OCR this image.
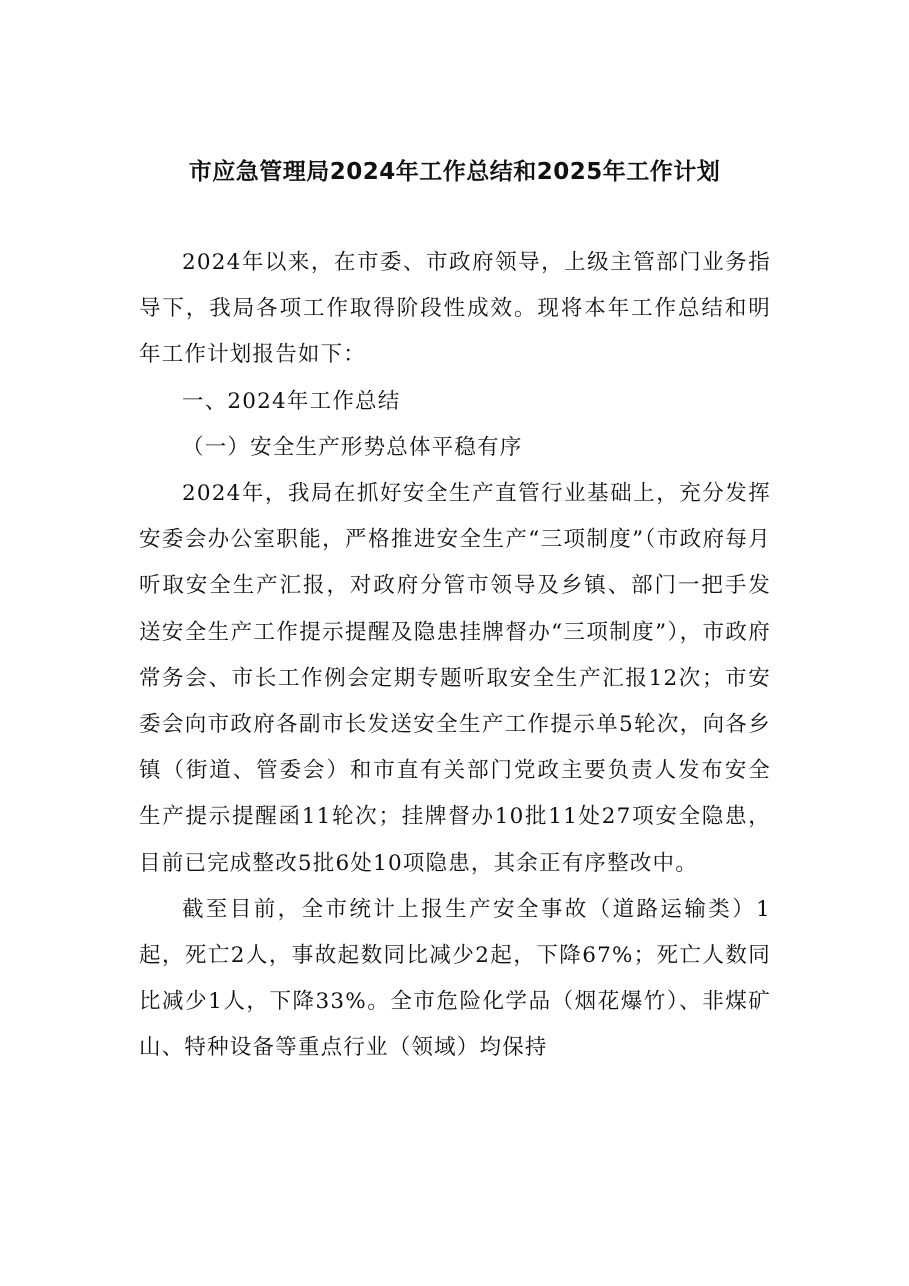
市应急管理局2024年工作总结和2025年工作计划

2024年以来，在市委、市政府领导，上级主管部门业务指导下，我局各项工作取得阶段性成效。现将本年工作总结和明年工作计划报告如下：

一、2024年工作总结

（一）安全生产形势总体平稳有序

2024年，我局在抓好安全生产直管行业基础上，充分发挥安委会办公室职能，严格推进安全生产“三项制度”（市政府每月听取安全生产汇报，对政府分管市领导及乡镇、部门一把手发送安全生产工作提示提醒及隐患挂牌督办“三项制度”），市政府常务会、市长工作例会定期专题听取安全生产汇报12次；市安委会向市政府各副市长发送安全生产工作提示单5轮次，向各乡镇（街道、管委会）和市直有关部门党政主要负责人发布安全生产提示提醒函11轮次；挂牌督办10批11处27项安全隐患，目前已完成整改5批6处10项隐患，其余正有序整改中。

截至目前，全市统计上报生产安全事故（道路运输类）1起，死亡2人，事故起数同比减少2起，下降67%；死亡人数同比减少1人，下降33%。全市危险化学品（烟花爆竹）、非煤矿山、特种设备等重点行业（领域）均保持
